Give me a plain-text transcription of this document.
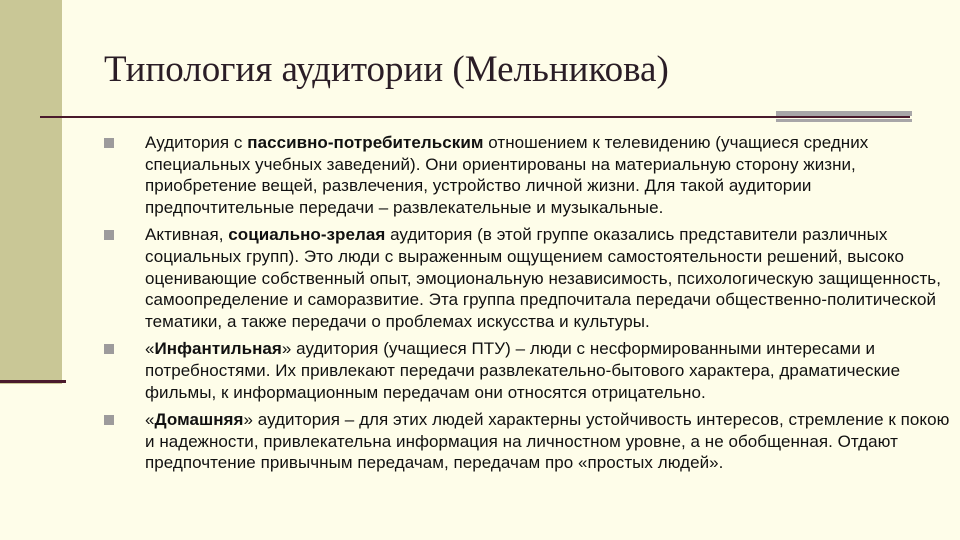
Типология аудитории (Мельникова)
Аудитория с пассивно-потребительским отношением к телевидению (учащиеся средних специальных учебных заведений). Они ориентированы на материальную сторону жизни, приобретение вещей, развлечения, устройство личной жизни. Для такой аудитории предпочтительные передачи – развлекательные и музыкальные.
Активная, социально-зрелая аудитория (в этой группе оказались представители различных социальных групп). Это люди с выраженным ощущением самостоятельности решений, высоко оценивающие собственный опыт, эмоциональную независимость, психологическую защищенность, самоопределение и саморазвитие. Эта группа предпочитала передачи общественно-политической тематики, а также передачи о проблемах искусства и культуры.
«Инфантильная» аудитория (учащиеся ПТУ) – люди с несформированными интересами и потребностями. Их привлекают передачи развлекательно-бытового характера, драматические фильмы, к информационным передачам они относятся отрицательно.
«Домашняя» аудитория – для этих людей характерны устойчивость интересов, стремление к покою и надежности, привлекательна информация на личностном уровне, а не обобщенная. Отдают предпочтение привычным передачам, передачам про «простых людей».
